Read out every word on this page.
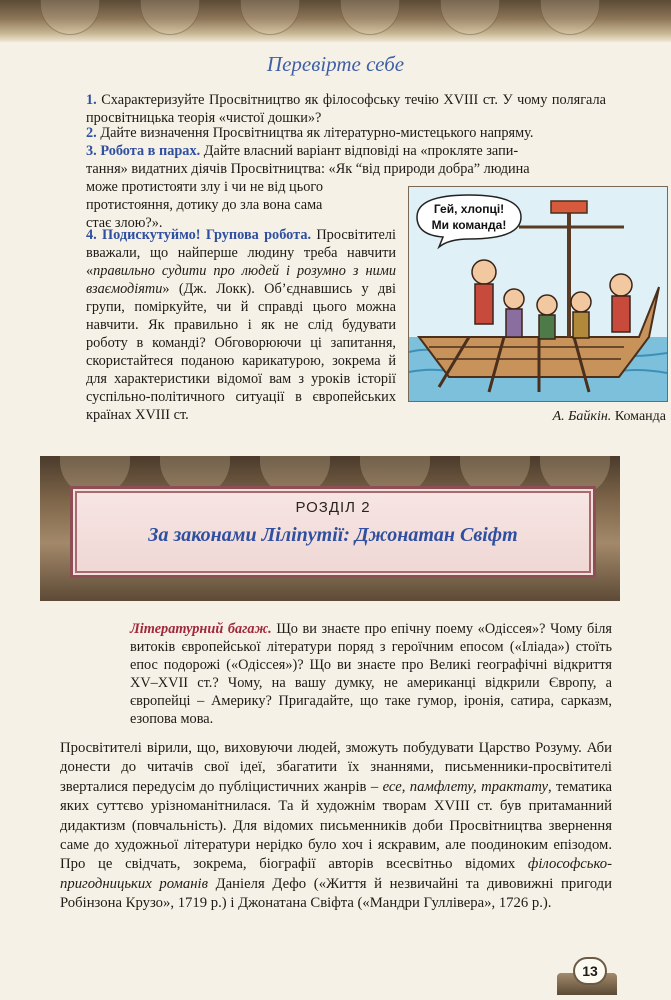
Перевірте себе
1. Схарактеризуйте Просвітництво як філософську течію XVIII ст. У чому полягала просвітницька теорія «чистої дошки»?
2. Дайте визначення Просвітництва як літературно-мистецького напряму.
3. Робота в парах. Дайте власний варіант відповіді на «прокляте запи-
тання» видатних діячів Просвітництва: «Як “від природи добра” людина
може протистояти злу і чи не від цього
протистояння, дотику до зла вона сама
стає злою?».
4. Подискутуймо! Групова робота. Просвітителі вважали, що найперше людину треба навчити «правильно судити про людей і розумно з ними взаємодіяти» (Дж. Локк). Об’єднавшись у дві групи, поміркуйте, чи й справді цього можна навчити. Як правильно і як не слід будувати роботу в команді? Обговорюючи ці запитання, скористайтеся поданою карикатурою, зокрема й для характеристики відомої вам з уроків історії суспільно-політичного ситуації в європейських країнах XVIII ст.
Гей, хлопці!
Ми команда!
А. Байкін. Команда
РОЗДІЛ 2
За законами Ліліпутії: Джонатан Свіфт
Літературний багаж. Що ви знаєте про епічну поему «Одіссея»? Чому біля витоків європейської літератури поряд з героїчним епосом («Іліада») стоїть епос подорожі («Одіссея»)? Що ви знаєте про Великі географічні відкриття XV–XVII ст.? Чому, на вашу думку, не американці відкрили Європу, а європейці – Америку? Пригадайте, що таке гумор, іронія, сатира, сарказм, езопова мова.

Просвітителі вірили, що, виховуючи людей, зможуть побудувати Царство Розуму. Аби донести до читачів свої ідеї, збагатити їх знаннями, письменники-просвітителі зверталися передусім до публіцистичних жанрів – есе, памфлету, трактату, тематика яких суттєво урізноманітнилася. Та й художнім творам XVIII ст. був притаманний дидактизм (повчальність). Для відомих письменників доби Просвітництва звернення саме до художньої літератури нерідко було хоч і яскравим, але поодиноким епізодом. Про це свідчать, зокрема, біографії авторів всесвітньо відомих філософсько-пригодницьких романів Даніеля Дефо («Життя й незвичайні та дивовижні пригоди Робінзона Крузо», 1719 р.) і Джонатана Свіфта («Мандри Гуллівера», 1726 р.).

13
